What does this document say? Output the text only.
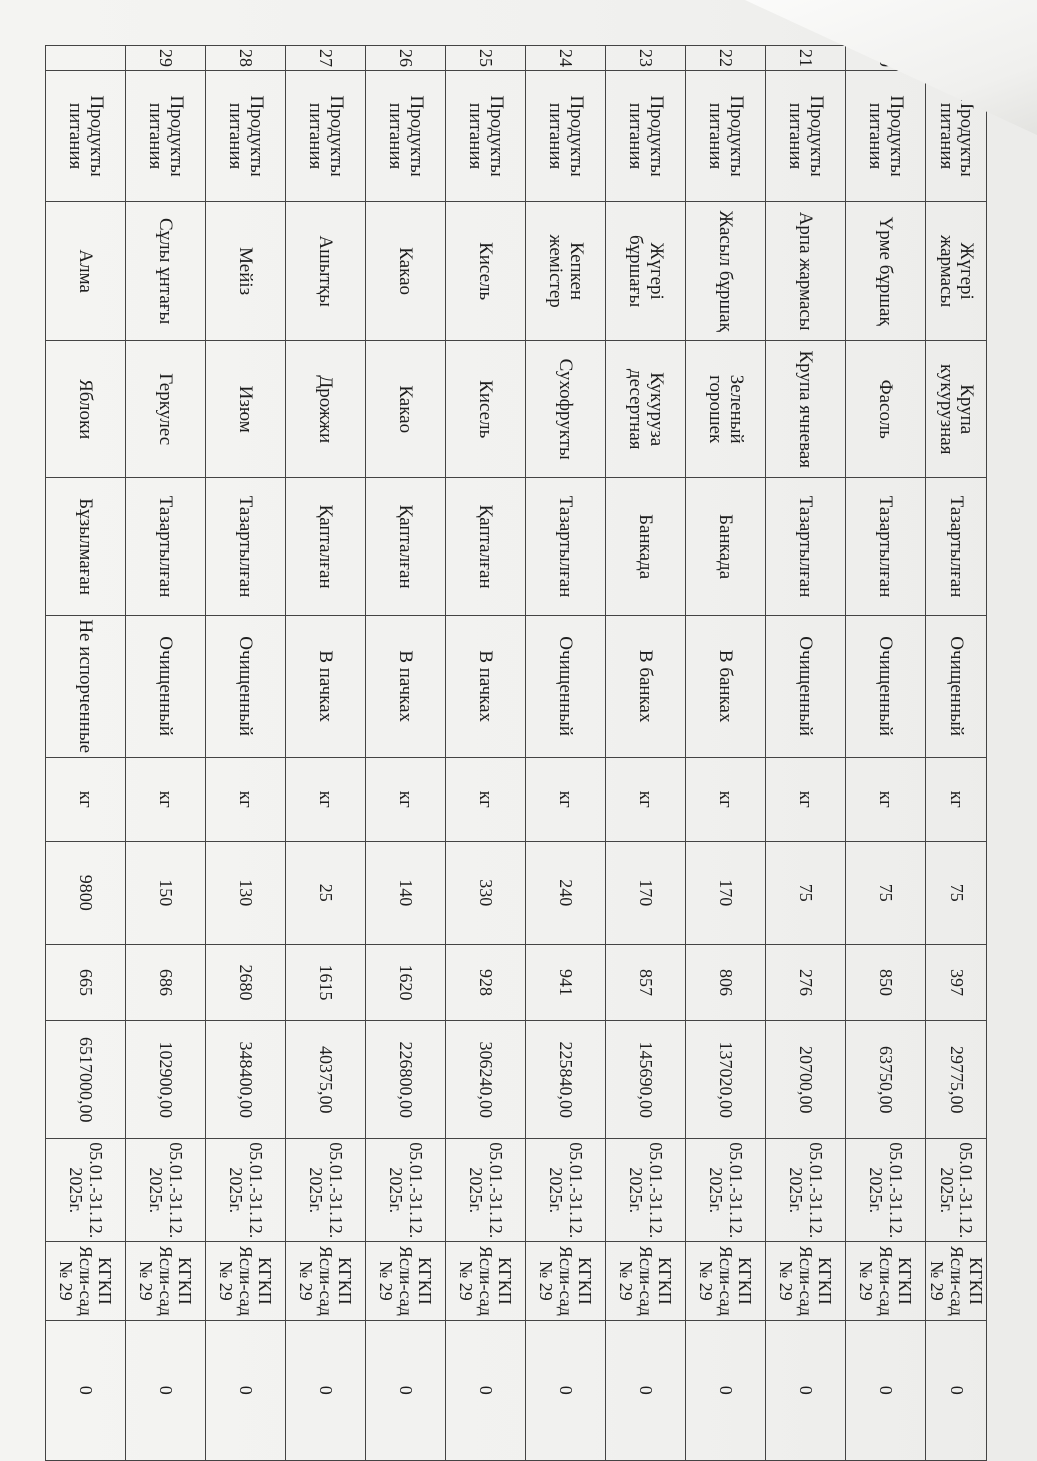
	Продукты питания	Жүгері жармасы	Крупа кукурузная	Тазартылған	Очищенный	кг	75	397	29775,00	05.01.-31.12. 2025г.	КГКП Ясли-сад № 29	0
	Продукты питания	Үрме бұршақ	Фасоль	Тазартылған	Очищенный	кг	75	850	63750,00	05.01.-31.12. 2025г.	КГКП Ясли-сад № 29	0
21	Продукты питания	Арпа жармасы	Крупа ячневая	Тазартылған	Очищенный	кг	75	276	20700,00	05.01.-31.12. 2025г.	КГКП Ясли-сад № 29	0
22	Продукты питания	Жасыл бұршақ	Зеленый горошек	Банкада	В банках	кг	170	806	137020,00	05.01.-31.12. 2025г.	КГКП Ясли-сад № 29	0
23	Продукты питания	Жүгері бұршағы	Кукуруза десертная	Банкада	В банках	кг	170	857	145690,00	05.01.-31.12. 2025г.	КГКП Ясли-сад № 29	0
24	Продукты питания	Кепкен жемістер	Сухофрукты	Тазартылған	Очищенный	кг	240	941	225840,00	05.01.-31.12. 2025г.	КГКП Ясли-сад № 29	0
25	Продукты питания	Кисель	Кисель	Қапталған	В пачках	кг	330	928	306240,00	05.01.-31.12. 2025г.	КГКП Ясли-сад № 29	0
26	Продукты питания	Какао	Какао	Қапталған	В пачках	кг	140	1620	226800,00	05.01.-31.12. 2025г.	КГКП Ясли-сад № 29	0
27	Продукты питания	Ашытқы	Дрожжи	Қапталған	В пачках	кг	25	1615	40375,00	05.01.-31.12. 2025г.	КГКП Ясли-сад № 29	0
28	Продукты питания	Мейіз	Изюм	Тазартылған	Очищенный	кг	130	2680	348400,00	05.01.-31.12. 2025г.	КГКП Ясли-сад № 29	0
29	Продукты питания	Сұлы ұнтағы	Геркулес	Тазартылған	Очищенный	кг	150	686	102900,00	05.01.-31.12. 2025г.	КГКП Ясли-сад № 29	0
	Продукты питания	Алма	Яблоки	Бұзылмаған	Не испорченные	кг	9800	665	6517000,00	05.01.-31.12. 2025г.	КГКП Ясли-сад № 29	0
